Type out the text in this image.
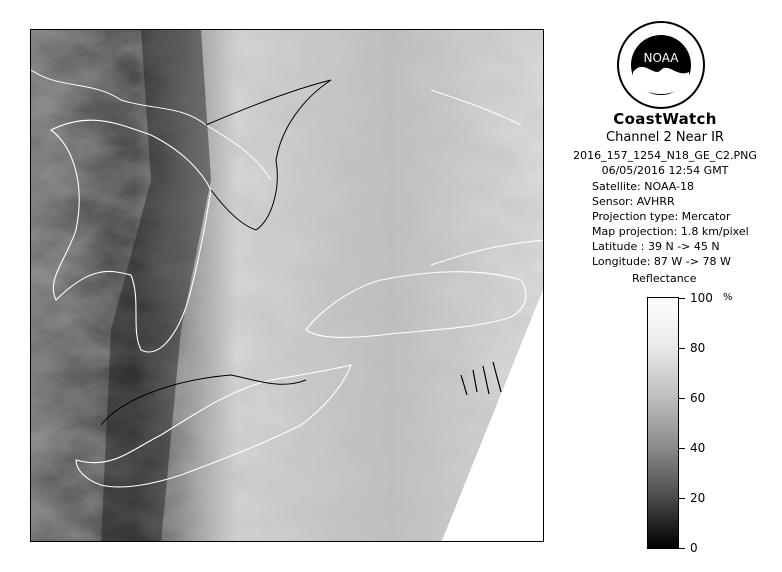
NOAA
CoastWatch
Channel 2 Near IR
2016_157_1254_N18_GE_C2.PNG
06/05/2016 12:54 GMT
Satellite: NOAA-18
Sensor: AVHRR
Projection type: Mercator
Map projection: 1.8 km/pixel
Latitude : 39 N -> 45 N
Longitude: 87 W -> 78 W
Reflectance
%
100
80
60
40
20
0
